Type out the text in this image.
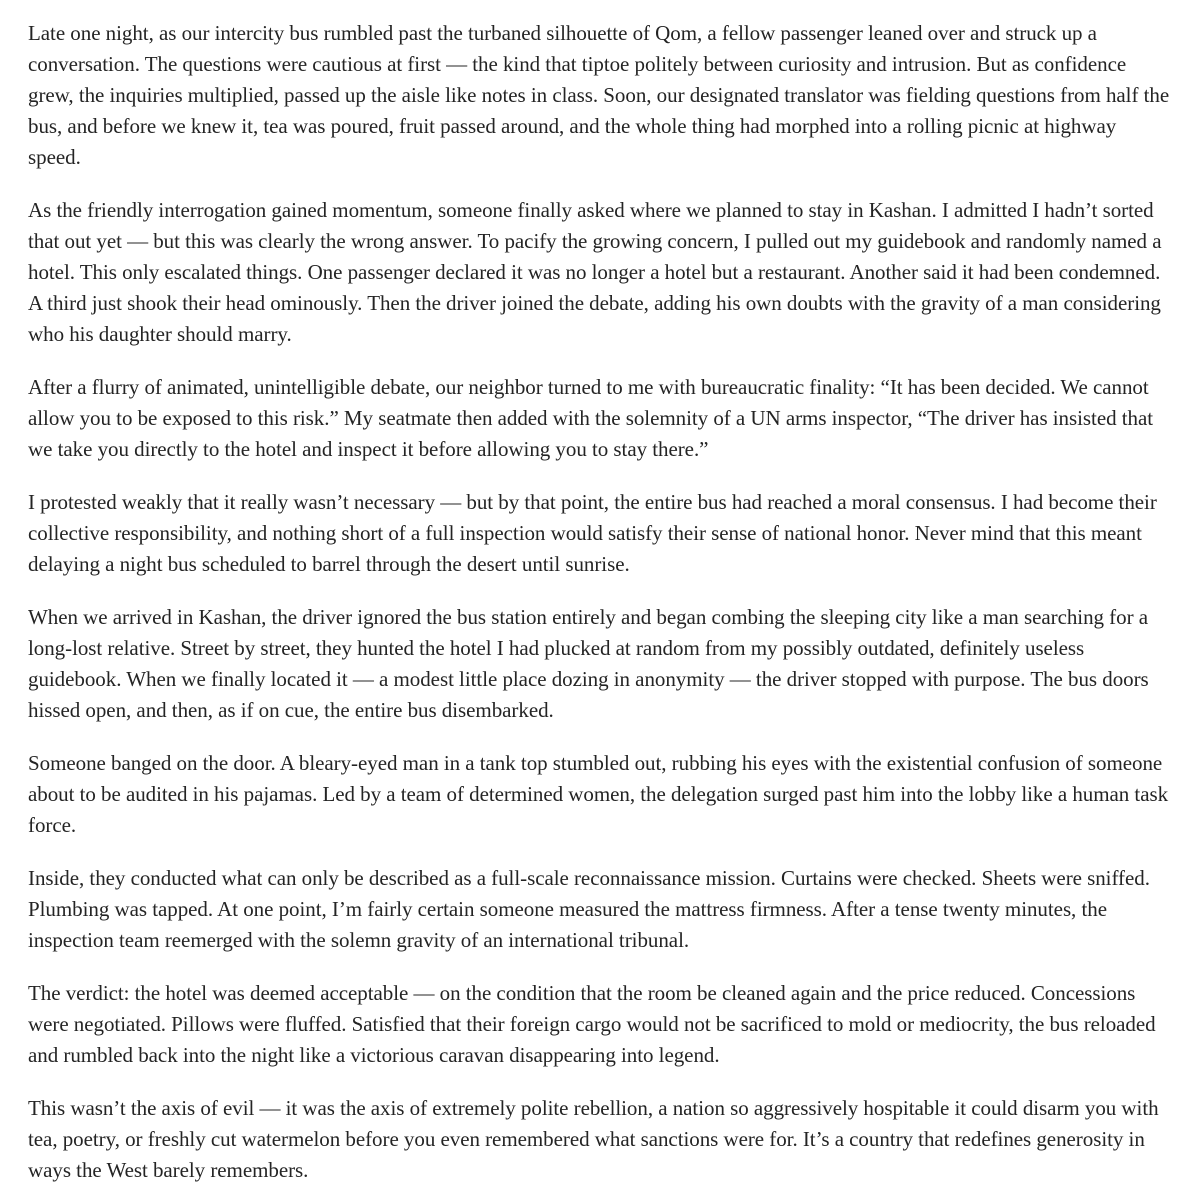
Late one night, as our intercity bus rumbled past the turbaned silhouette of Qom, a fellow passenger leaned over and struck up a conversation. The questions were cautious at first — the kind that tiptoe politely between curiosity and intrusion. But as confidence grew, the inquiries multiplied, passed up the aisle like notes in class. Soon, our designated translator was fielding questions from half the bus, and before we knew it, tea was poured, fruit passed around, and the whole thing had morphed into a rolling picnic at highway speed.

As the friendly interrogation gained momentum, someone finally asked where we planned to stay in Kashan. I admitted I hadn’t sorted that out yet — but this was clearly the wrong answer. To pacify the growing concern, I pulled out my guidebook and randomly named a hotel. This only escalated things. One passenger declared it was no longer a hotel but a restaurant. Another said it had been condemned. A third just shook their head ominously. Then the driver joined the debate, adding his own doubts with the gravity of a man considering who his daughter should marry.

After a flurry of animated, unintelligible debate, our neighbor turned to me with bureaucratic finality: “It has been decided. We cannot allow you to be exposed to this risk.” My seatmate then added with the solemnity of a UN arms inspector, “The driver has insisted that we take you directly to the hotel and inspect it before allowing you to stay there.”

I protested weakly that it really wasn’t necessary — but by that point, the entire bus had reached a moral consensus. I had become their collective responsibility, and nothing short of a full inspection would satisfy their sense of national honor. Never mind that this meant delaying a night bus scheduled to barrel through the desert until sunrise.

When we arrived in Kashan, the driver ignored the bus station entirely and began combing the sleeping city like a man searching for a long-lost relative. Street by street, they hunted the hotel I had plucked at random from my possibly outdated, definitely useless guidebook. When we finally located it — a modest little place dozing in anonymity — the driver stopped with purpose. The bus doors hissed open, and then, as if on cue, the entire bus disembarked.

Someone banged on the door. A bleary-eyed man in a tank top stumbled out, rubbing his eyes with the existential confusion of someone about to be audited in his pajamas. Led by a team of determined women, the delegation surged past him into the lobby like a human task force.

Inside, they conducted what can only be described as a full-scale reconnaissance mission. Curtains were checked. Sheets were sniffed. Plumbing was tapped. At one point, I’m fairly certain someone measured the mattress firmness. After a tense twenty minutes, the inspection team reemerged with the solemn gravity of an international tribunal.

The verdict: the hotel was deemed acceptable — on the condition that the room be cleaned again and the price reduced. Concessions were negotiated. Pillows were fluffed. Satisfied that their foreign cargo would not be sacrificed to mold or mediocrity, the bus reloaded and rumbled back into the night like a victorious caravan disappearing into legend.

This wasn’t the axis of evil — it was the axis of extremely polite rebellion, a nation so aggressively hospitable it could disarm you with tea, poetry, or freshly cut watermelon before you even remembered what sanctions were for. It’s a country that redefines generosity in ways the West barely remembers.
